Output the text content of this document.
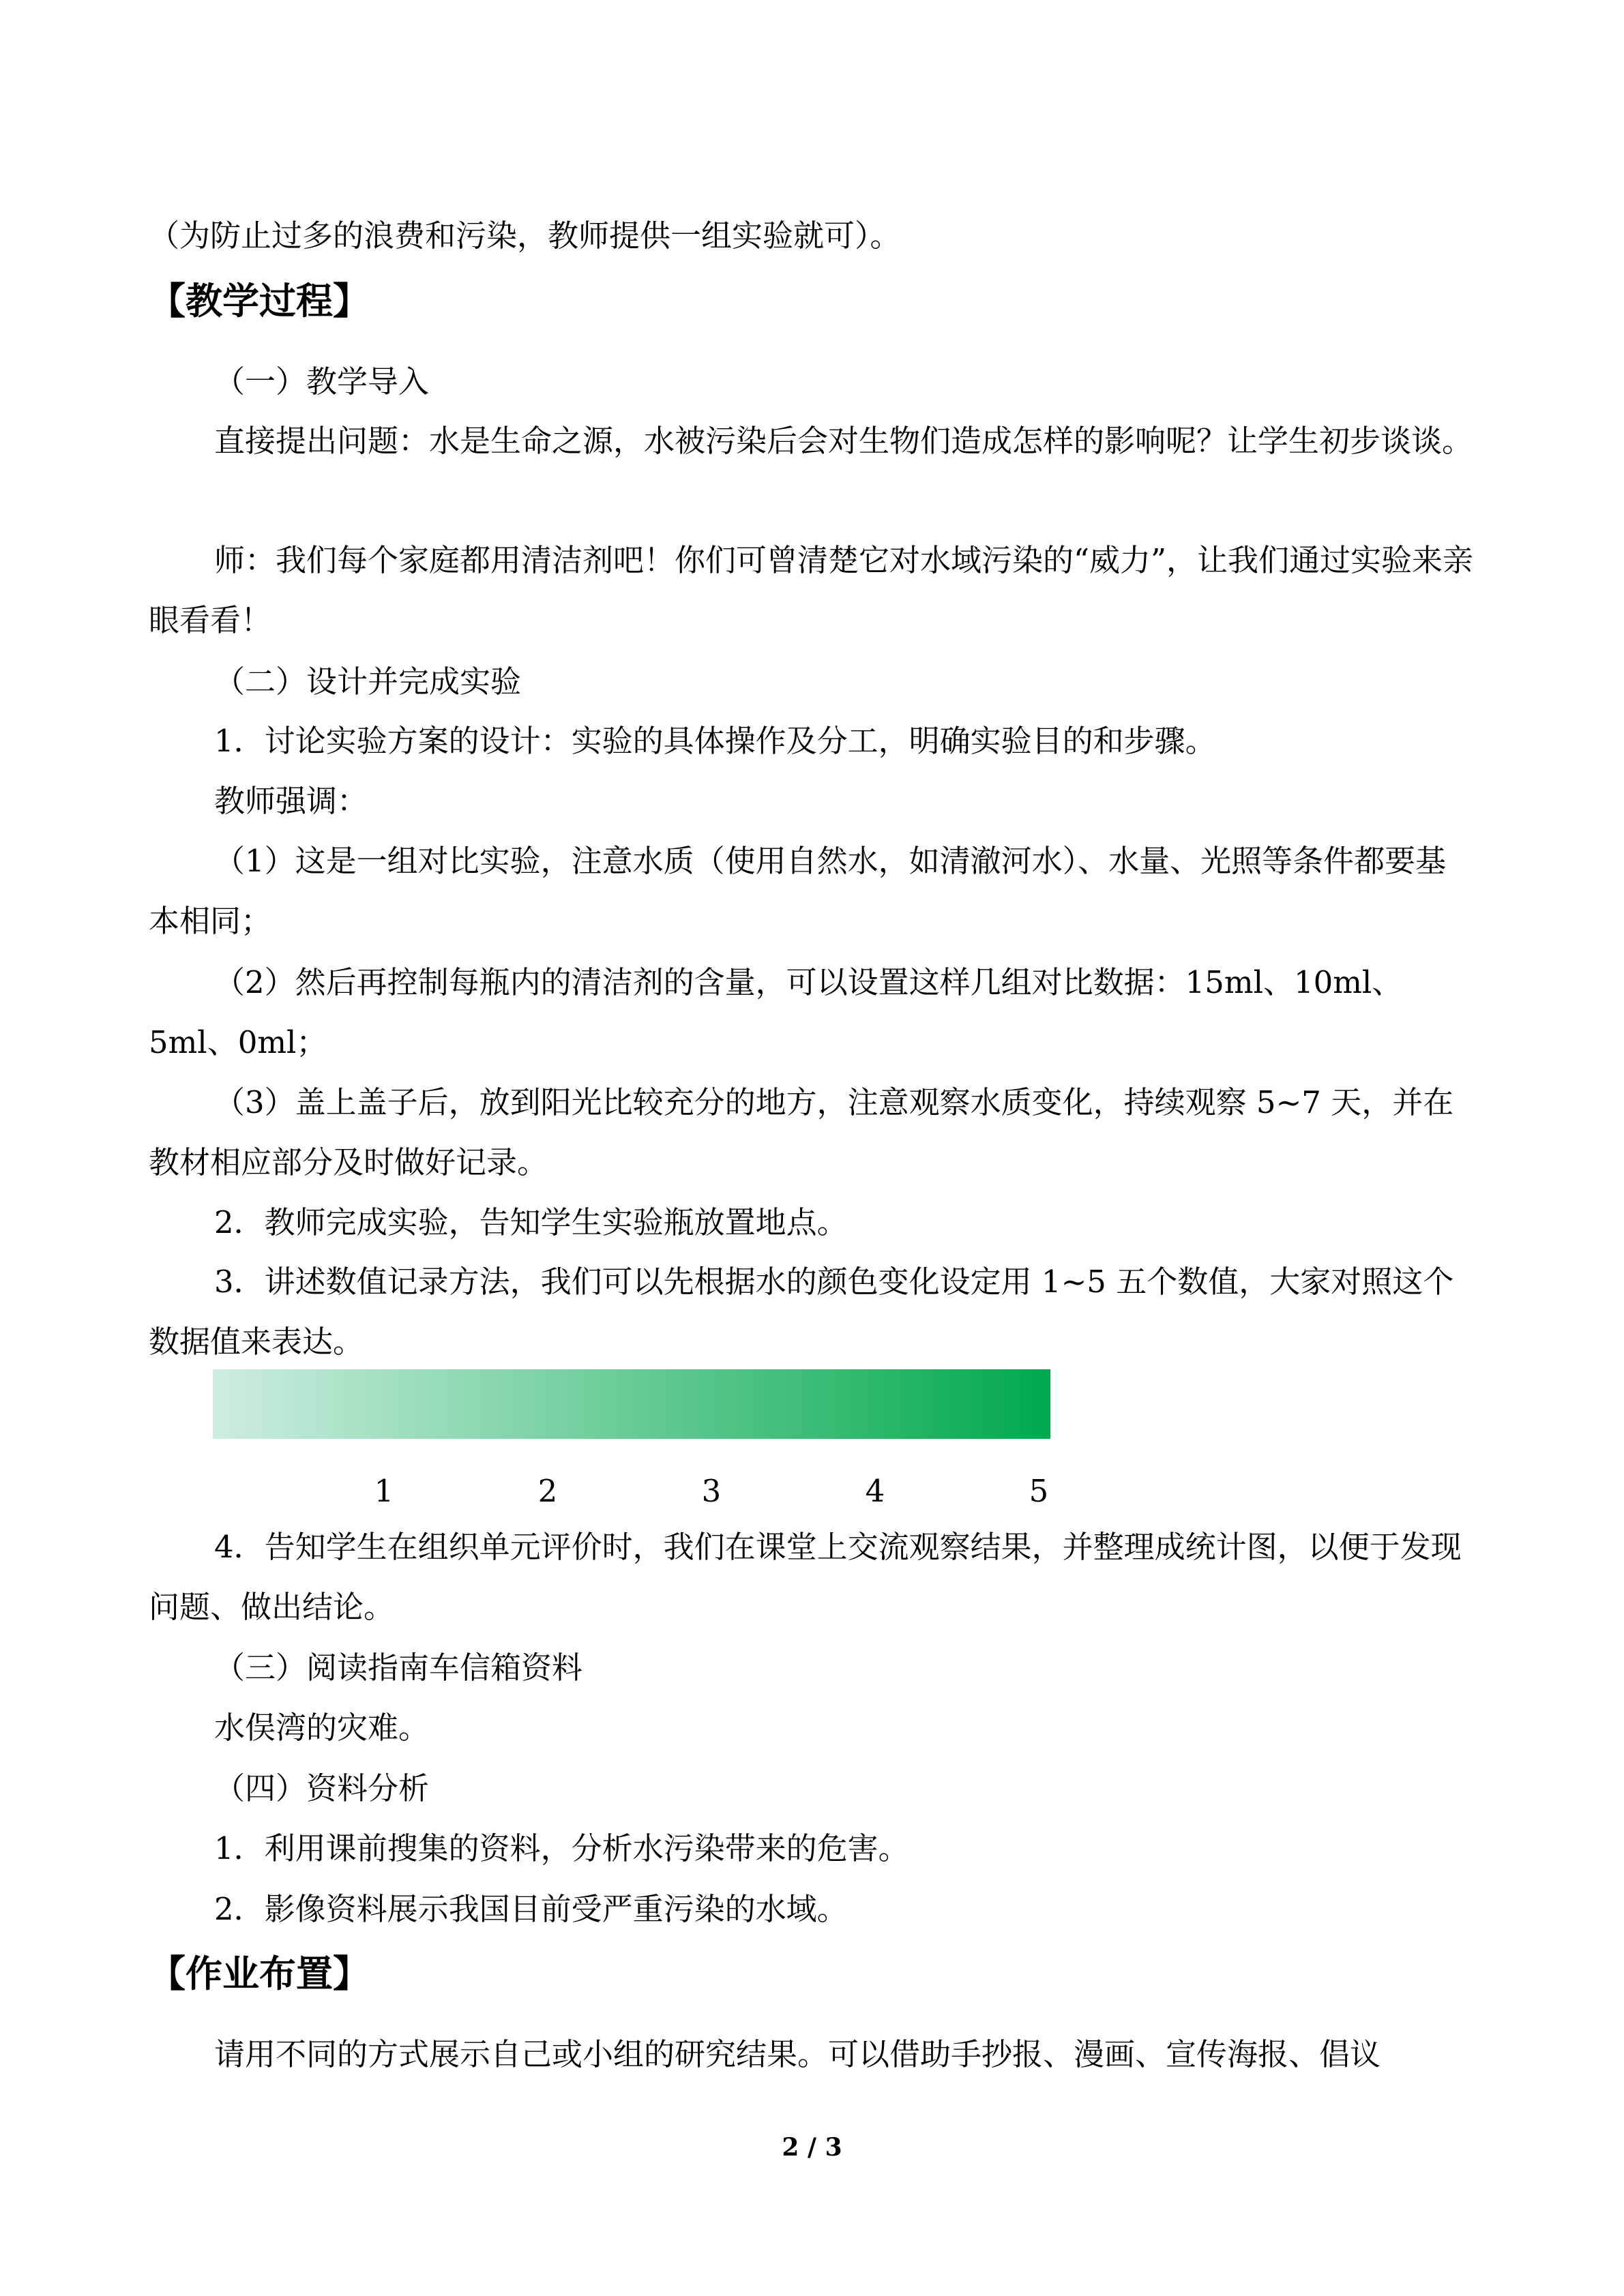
（为防止过多的浪费和污染，教师提供一组实验就可）。

【教学过程】

（一）教学导入

直接提出问题：水是生命之源，水被污染后会对生物们造成怎样的影响呢？让学生初步谈谈。

师：我们每个家庭都用清洁剂吧！你们可曾清楚它对水域污染的“威力”，让我们通过实验来亲眼看看！

（二）设计并完成实验

1．讨论实验方案的设计：实验的具体操作及分工，明确实验目的和步骤。

教师强调：

（1）这是一组对比实验，注意水质（使用自然水，如清澈河水）、水量、光照等条件都要基本相同；

（2）然后再控制每瓶内的清洁剂的含量，可以设置这样几组对比数据：15ml、10ml、5ml、0ml；

（3）盖上盖子后，放到阳光比较充分的地方，注意观察水质变化，持续观察 5~7 天，并在教材相应部分及时做好记录。

2．教师完成实验，告知学生实验瓶放置地点。

3．讲述数值记录方法，我们可以先根据水的颜色变化设定用 1~5 五个数值，大家对照这个数据值来表达。

1	2	3	4	5

4．告知学生在组织单元评价时，我们在课堂上交流观察结果，并整理成统计图，以便于发现问题、做出结论。

（三）阅读指南车信箱资料

水俣湾的灾难。

（四）资料分析

1．利用课前搜集的资料，分析水污染带来的危害。

2．影像资料展示我国目前受严重污染的水域。

【作业布置】

请用不同的方式展示自己或小组的研究结果。可以借助手抄报、漫画、宣传海报、倡议

2 / 3
